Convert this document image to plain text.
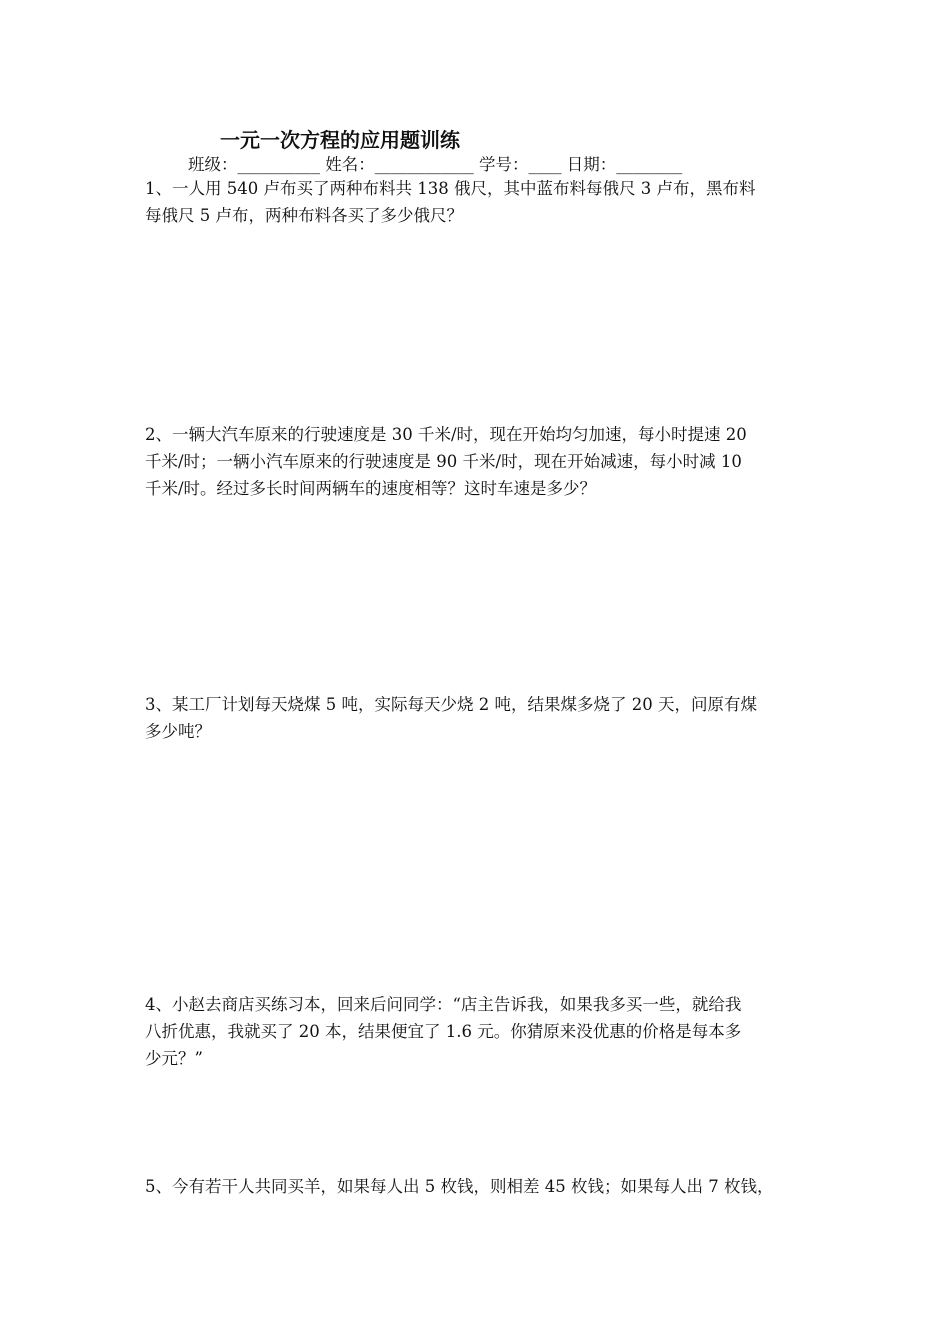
一元一次方程的应用题训练
班级：__________ 姓名：____________ 学号：____ 日期：________

1、一人用 540 卢布买了两种布料共 138 俄尺，其中蓝布料每俄尺 3 卢布，黑布料

每俄尺 5 卢布，两种布料各买了多少俄尺？

2、一辆大汽车原来的行驶速度是 30 千米/时，现在开始均匀加速，每小时提速 20

千米/时；一辆小汽车原来的行驶速度是 90 千米/时，现在开始减速，每小时减 10

千米/时。经过多长时间两辆车的速度相等？这时车速是多少？

3、某工厂计划每天烧煤 5 吨，实际每天少烧 2 吨，结果煤多烧了 20 天，问原有煤

多少吨？

4、小赵去商店买练习本，回来后问同学：“店主告诉我，如果我多买一些，就给我

八折优惠，我就买了 20 本，结果便宜了 1.6 元。你猜原来没优惠的价格是每本多

少元？”

5、今有若干人共同买羊，如果每人出 5 枚钱，则相差 45 枚钱；如果每人出 7 枚钱，
